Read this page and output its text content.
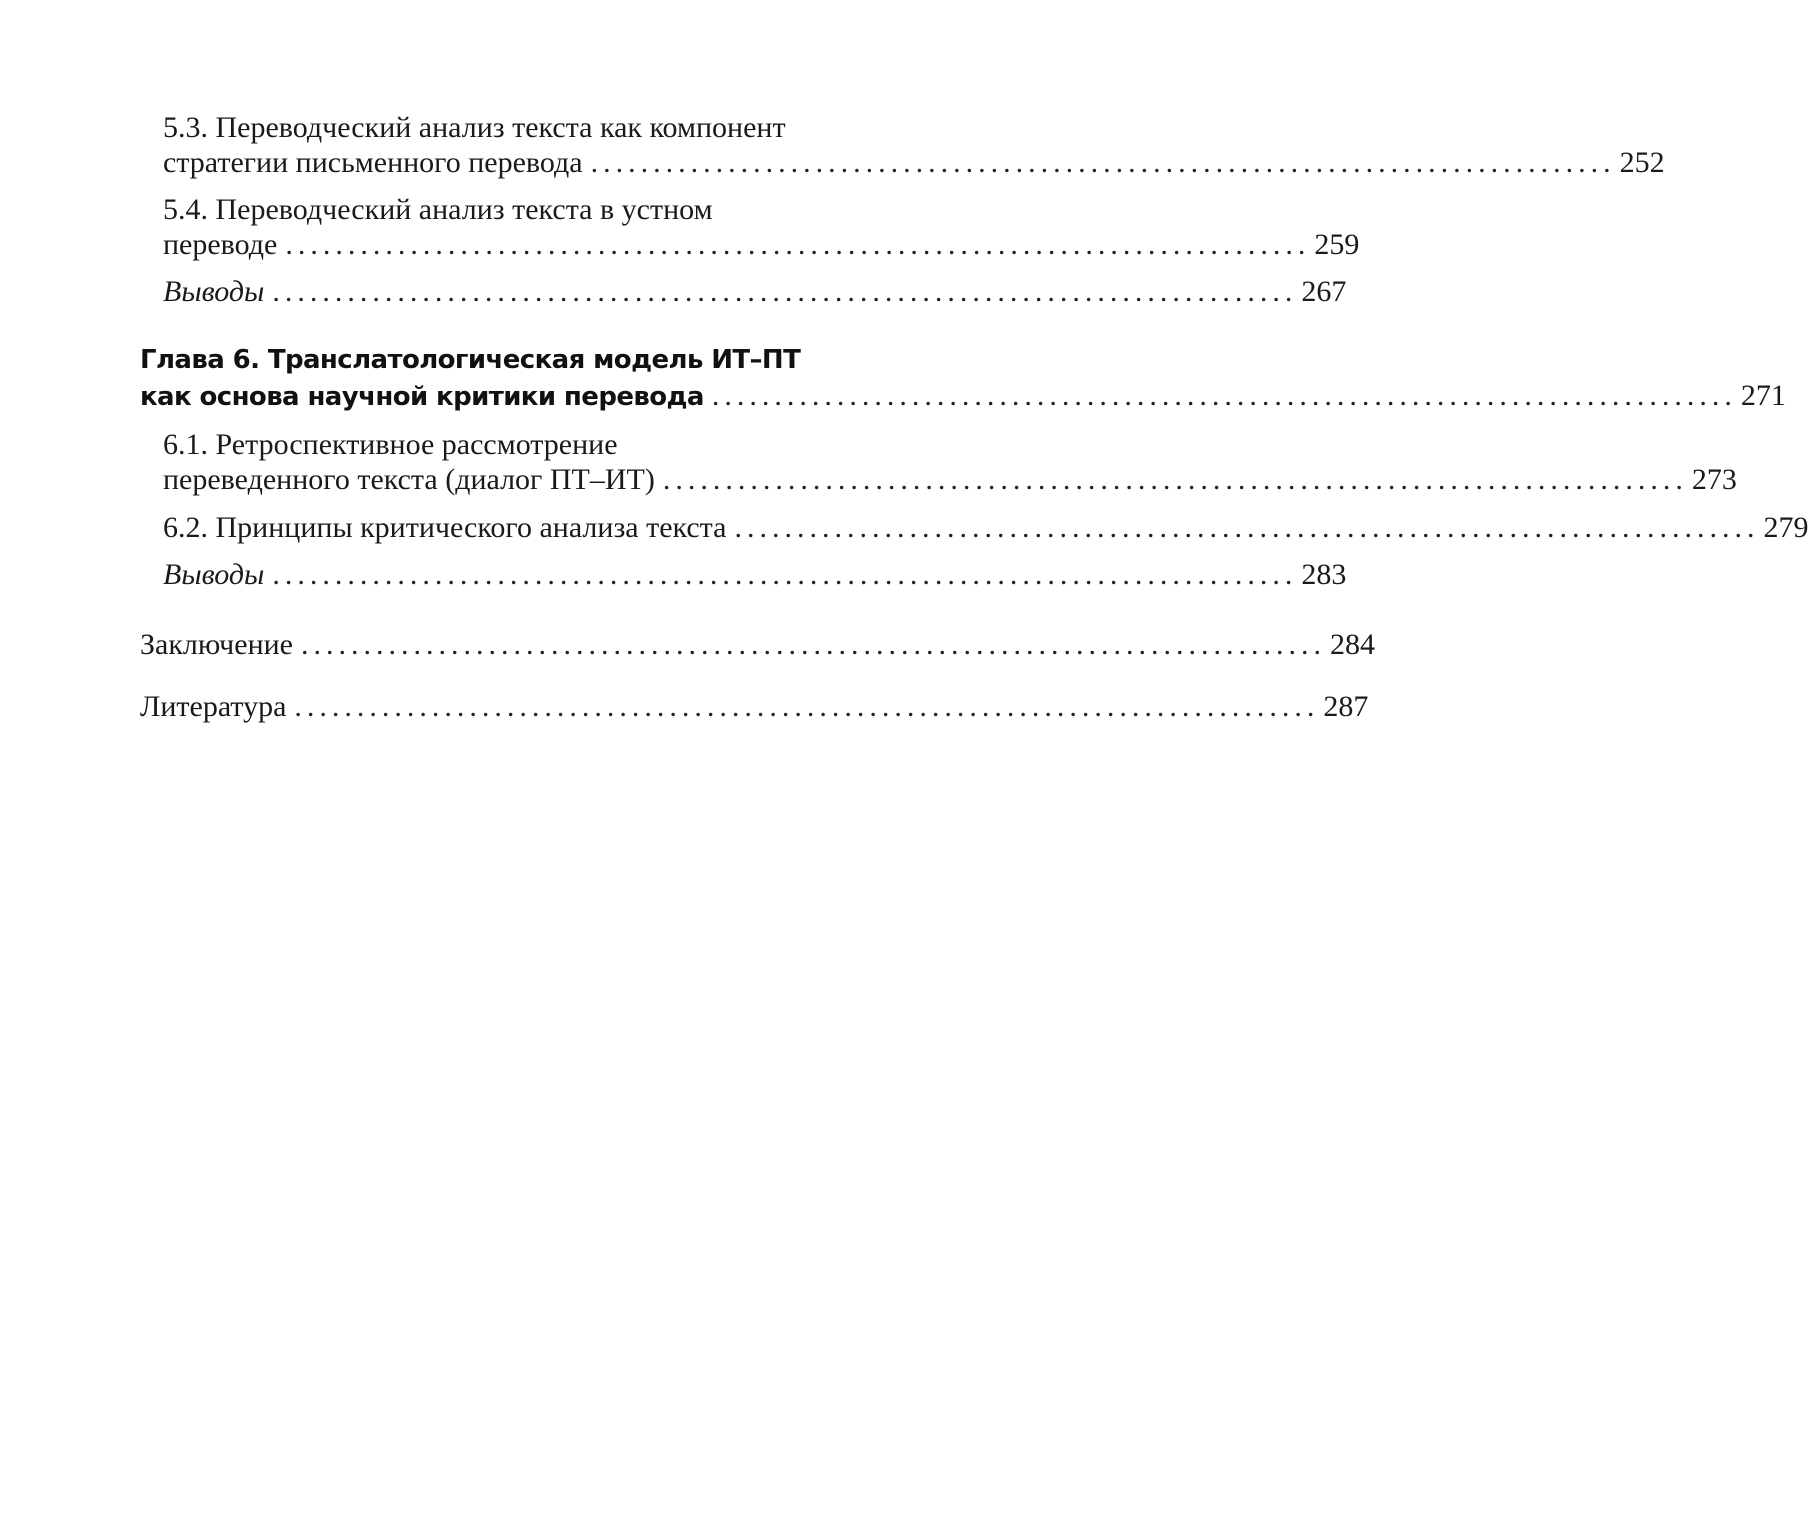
5.3. Переводческий анализ текста как компонент
стратегии письменного перевода .................................................................................. 252
5.4. Переводческий анализ текста в устном
переводе .................................................................................. 259
Выводы .................................................................................. 267
Глава 6. Транслатологическая модель ИТ–ПТ
как основа научной критики перевода .................................................................................. 271
6.1. Ретроспективное рассмотрение
переведенного текста (диалог ПТ–ИТ) .................................................................................. 273
6.2. Принципы критического анализа текста .................................................................................. 279
Выводы .................................................................................. 283
Заключение .................................................................................. 284
Литература .................................................................................. 287
